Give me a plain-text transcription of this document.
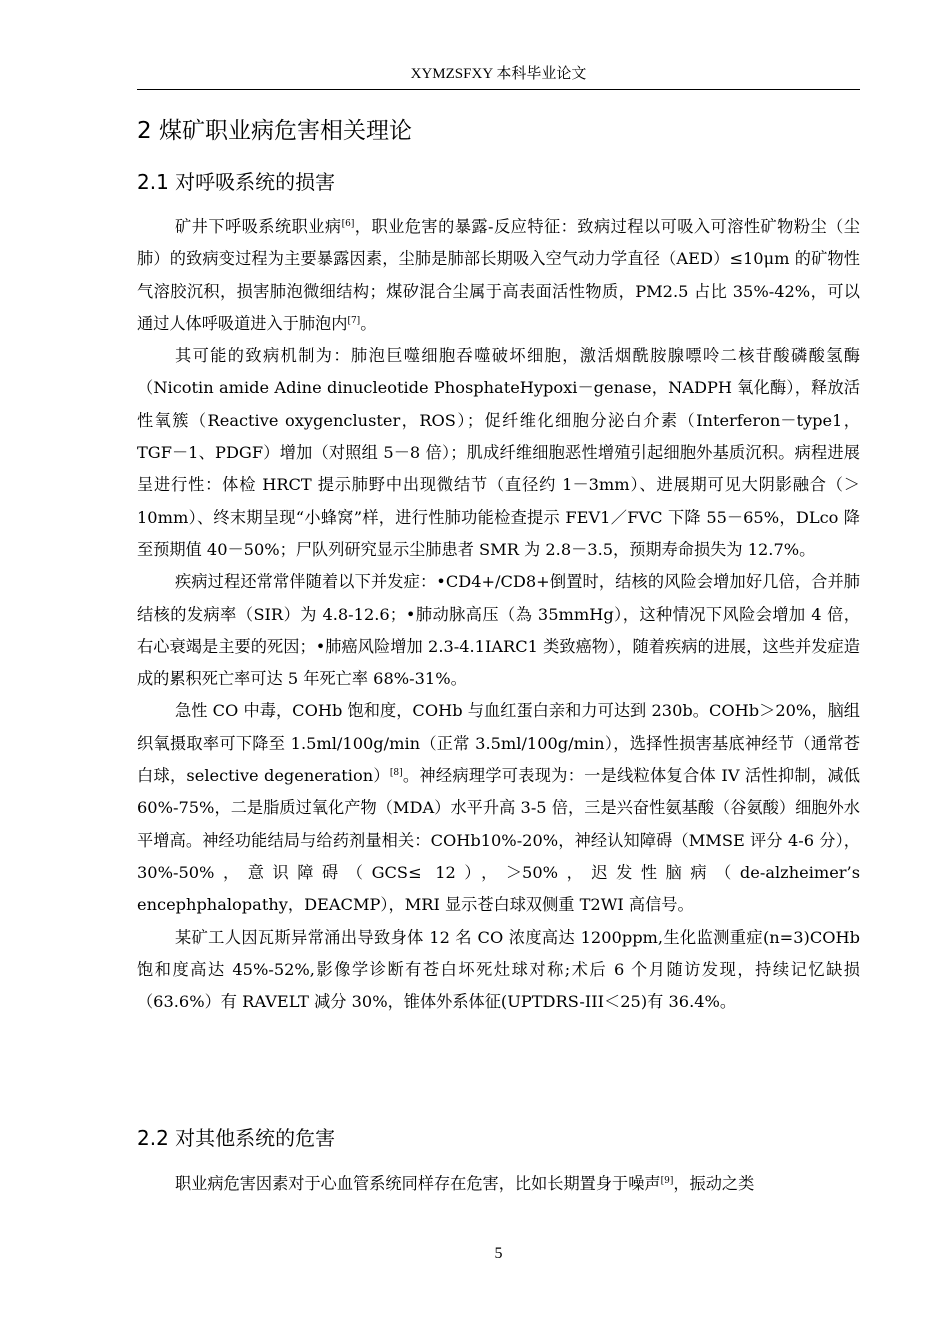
XYMZSFXY 本科毕业论文
2 煤矿职业病危害相关理论
2.1 对呼吸系统的损害

矿井下呼吸系统职业病[6]，职业危害的暴露-反应特征：致病过程以可吸入可溶性矿物粉尘（尘肺）的致病变过程为主要暴露因素，尘肺是肺部长期吸入空气动力学直径（AED）≤10μm 的矿物性气溶胶沉积，损害肺泡微细结构；煤矽混合尘属于高表面活性物质，PM2.5 占比 35%-42%，可以通过人体呼吸道进入于肺泡内[7]。

其可能的致病机制为：肺泡巨噬细胞吞噬破坏细胞，激活烟酰胺腺嘌呤二核苷酸磷酸氢酶（Nicotin amide Adine dinucleotide PhosphateHypoxi－genase，NADPH 氧化酶），释放活性氧簇（Reactive oxygencluster，ROS）；促纤维化细胞分泌白介素（Interferon－type1，TGF－1、PDGF）增加（对照组 5－8 倍）；肌成纤维细胞恶性增殖引起细胞外基质沉积。病程进展呈进行性：体检 HRCT 提示肺野中出现微结节（直径约 1－3mm）、进展期可见大阴影融合（＞10mm）、终末期呈现“小蜂窝”样，进行性肺功能检查提示 FEV1／FVC 下降 55－65%，DLco 降至预期值 40－50%；尸队列研究显示尘肺患者 SMR 为 2.8－3.5，预期寿命损失为 12.7%。

疾病过程还常常伴随着以下并发症：•CD4+/CD8+倒置时，结核的风险会增加好几倍，合并肺结核的发病率（SIR）为 4.8-12.6；•肺动脉高压（為 35mmHg），这种情况下风险会增加 4 倍，右心衰竭是主要的死因；•肺癌风险增加 2.3-4.1IARC1 类致癌物），随着疾病的进展，这些并发症造成的累积死亡率可达 5 年死亡率 68%-31%。

急性 CO 中毒，COHb 饱和度，COHb 与血红蛋白亲和力可达到 230b。COHb＞20%，脑组织氧摄取率可下降至 1.5ml/100g/min（正常 3.5ml/100g/min），选择性损害基底神经节（通常苍白球，selective degeneration）[8]。神经病理学可表现为：一是线粒体复合体 IV 活性抑制，减低 60%-75%，二是脂质过氧化产物（MDA）水平升高 3-5 倍，三是兴奋性氨基酸（谷氨酸）细胞外水平增高。神经功能结局与给药剂量相关：COHb10%-20%，神经认知障碍（MMSE 评分 4-6 分），30%-50%，意识障碍（GCS≤ 12），＞50%，迟发性脑病（de-alzheimer’s encephphalopathy，DEACMP），MRI 显示苍白球双侧重 T2WI 高信号。

某矿工人因瓦斯异常涌出导致身体 12 名 CO 浓度高达 1200ppm,生化监测重症(n=3)COHb 饱和度高达 45%-52%,影像学诊断有苍白坏死灶球对称;术后 6 个月随访发现，持续记忆缺损（63.6%）有 RAVELT 减分 30%，锥体外系体征(UPTDRS-III＜25)有 36.4%。

2.2 对其他系统的危害

职业病危害因素对于心血管系统同样存在危害，比如长期置身于噪声[9]，振动之类

5
